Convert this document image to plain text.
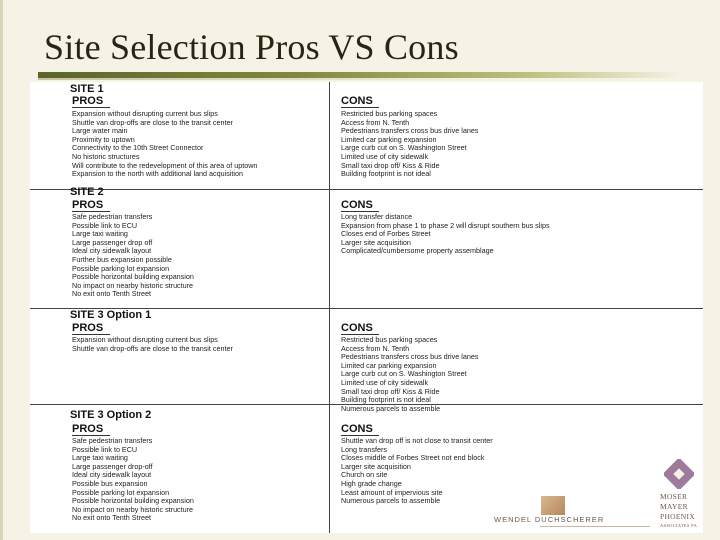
Site Selection Pros VS Cons
SITE 1
PROS	CONS
Expansion without disrupting current bus slips
Shuttle van drop-offs are close to the transit center
Large water main
Proximity to uptown
Connectivity to the 10th Street Connector
No historic structures
Will contribute to the redevelopment of this area of uptown
Expansion to the north with additional land acquisition
Restricted bus parking spaces
Access from N. Tenth
Pedestrians transfers cross bus drive lanes
Limited car parking expansion
Large curb cut on S. Washington Street
Limited use of city sidewalk
Small taxi drop off/ Kiss & Ride
Building footprint is not ideal
SITE 2
PROS	CONS
Safe pedestrian transfers
Possible link to ECU
Large taxi waiting
Large passenger drop off
Ideal city sidewalk layout
Further bus expansion possible
Possible parking lot expansion
Possible horizontal building expansion
No impact on nearby historic structure
No exit onto Tenth Street
Long transfer distance
Expansion from phase 1 to phase 2 will disrupt southern bus slips
Closes end of Forbes Street
Larger site acquisition
Complicated/cumbersome property assemblage
SITE 3 Option 1
PROS	CONS
Expansion without disrupting current bus slips
Shuttle van drop-offs are close to the transit center
Restricted bus parking spaces
Access from N. Tenth
Pedestrians transfers cross bus drive lanes
Limited car parking expansion
Large curb cut on S. Washington Street
Limited use of city sidewalk
Small taxi drop off/ Kiss & Ride
Building footprint is not ideal
Numerous parcels to assemble
SITE 3 Option 2
PROS	CONS
Safe pedestrian transfers
Possible link to ECU
Large taxi waiting
Large passenger drop-off
Ideal city sidewalk layout
Possible bus expansion
Possible parking lot expansion
Possible horizontal building expansion
No impact on nearby historic structure
No exit onto Tenth Street
Shuttle van drop off is not close to transit center
Long transfers
Closes middle of Forbes Street not end block
Larger site acquisition
Church on site
High grade change
Least amount of impervious site
Numerous parcels to assemble
WENDEL DUCHSCHERER
MOSER
MAYER
PHOENIX
ASSOCIATES PA
